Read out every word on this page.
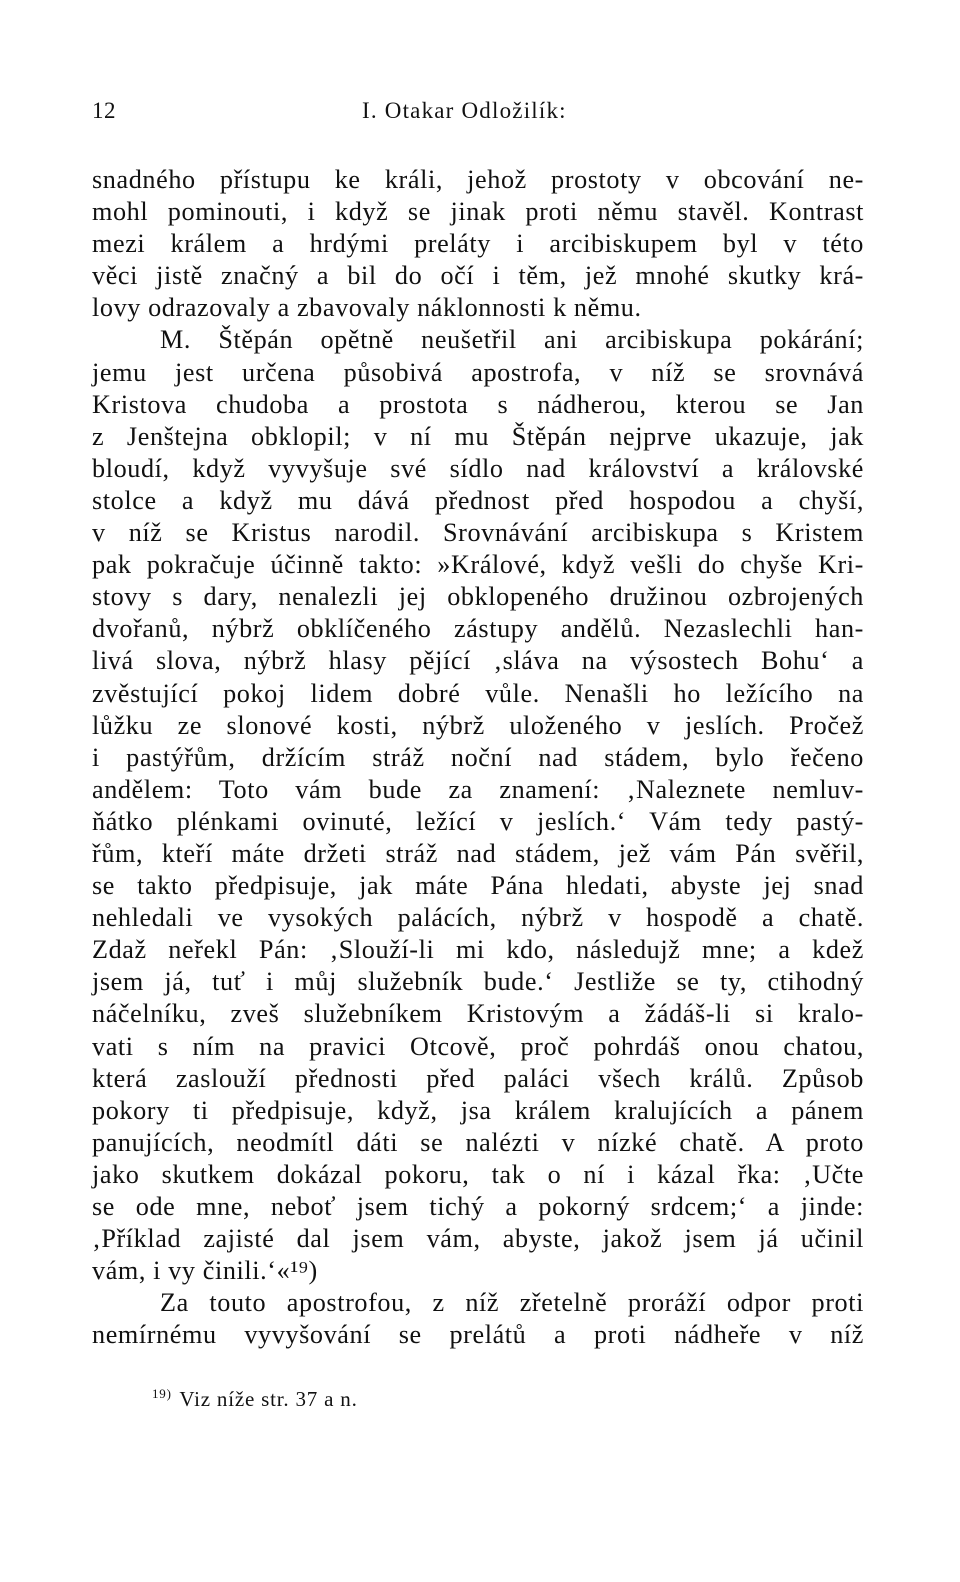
12	I. Otakar Odložilík:
snadného přístupu ke králi, jehož prostoty v obcování ne-
mohl pominouti, i když se jinak proti němu stavěl. Kontrast
mezi králem a hrdými preláty i arcibiskupem byl v této
věci jistě značný a bil do očí i těm, jež mnohé skutky krá-
lovy odrazovaly a zbavovaly náklonnosti k němu.
M. Štěpán opětně neušetřil ani arcibiskupa pokárání;
jemu jest určena působivá apostrofa, v níž se srovnává
Kristova chudoba a prostota s nádherou, kterou se Jan
z Jenštejna obklopil; v ní mu Štěpán nejprve ukazuje, jak
bloudí, když vyvyšuje své sídlo nad království a královské
stolce a když mu dává přednost před hospodou a chyší,
v níž se Kristus narodil. Srovnávání arcibiskupa s Kristem
pak pokračuje účinně takto: »Králové, když vešli do chyše Kri-
stovy s dary, nenalezli jej obklopeného družinou ozbrojených
dvořanů, nýbrž obklíčeného zástupy andělů. Nezaslechli han-
livá slova, nýbrž hlasy pějící ‚sláva na výsostech Bohu‘ a
zvěstující pokoj lidem dobré vůle. Nenašli ho ležícího na
lůžku ze slonové kosti, nýbrž uloženého v jeslích. Pročež
i pastýřům, držícím stráž noční nad stádem, bylo řečeno
andělem: Toto vám bude za znamení: ‚Naleznete nemluv-
ňátko plénkami ovinuté, ležící v jeslích.‘ Vám tedy pastý-
řům, kteří máte držeti stráž nad stádem, jež vám Pán svěřil,
se takto předpisuje, jak máte Pána hledati, abyste jej snad
nehledali ve vysokých palácích, nýbrž v hospodě a chatě.
Zdaž neřekl Pán: ‚Slouží-li mi kdo, následujž mne; a kdež
jsem já, tuť i můj služebník bude.‘ Jestliže se ty, ctihodný
náčelníku, zveš služebníkem Kristovým a žádáš-li si kralo-
vati s ním na pravici Otcově, proč pohrdáš onou chatou,
která zaslouží přednosti před paláci všech králů. Způsob
pokory ti předpisuje, když, jsa králem kralujících a pánem
panujících, neodmítl dáti se nalézti v nízké chatě. A proto
jako skutkem dokázal pokoru, tak o ní i kázal řka: ‚Učte
se ode mne, neboť jsem tichý a pokorný srdcem;‘ a jinde:
‚Příklad zajisté dal jsem vám, abyste, jakož jsem já učinil
vám, i vy činili.‘«¹⁹)
Za touto apostrofou, z níž zřetelně proráží odpor proti
nemírnému vyvyšování se prelátů a proti nádheře v níž
$^{19)}$ Viz níže str. 37 a n.
